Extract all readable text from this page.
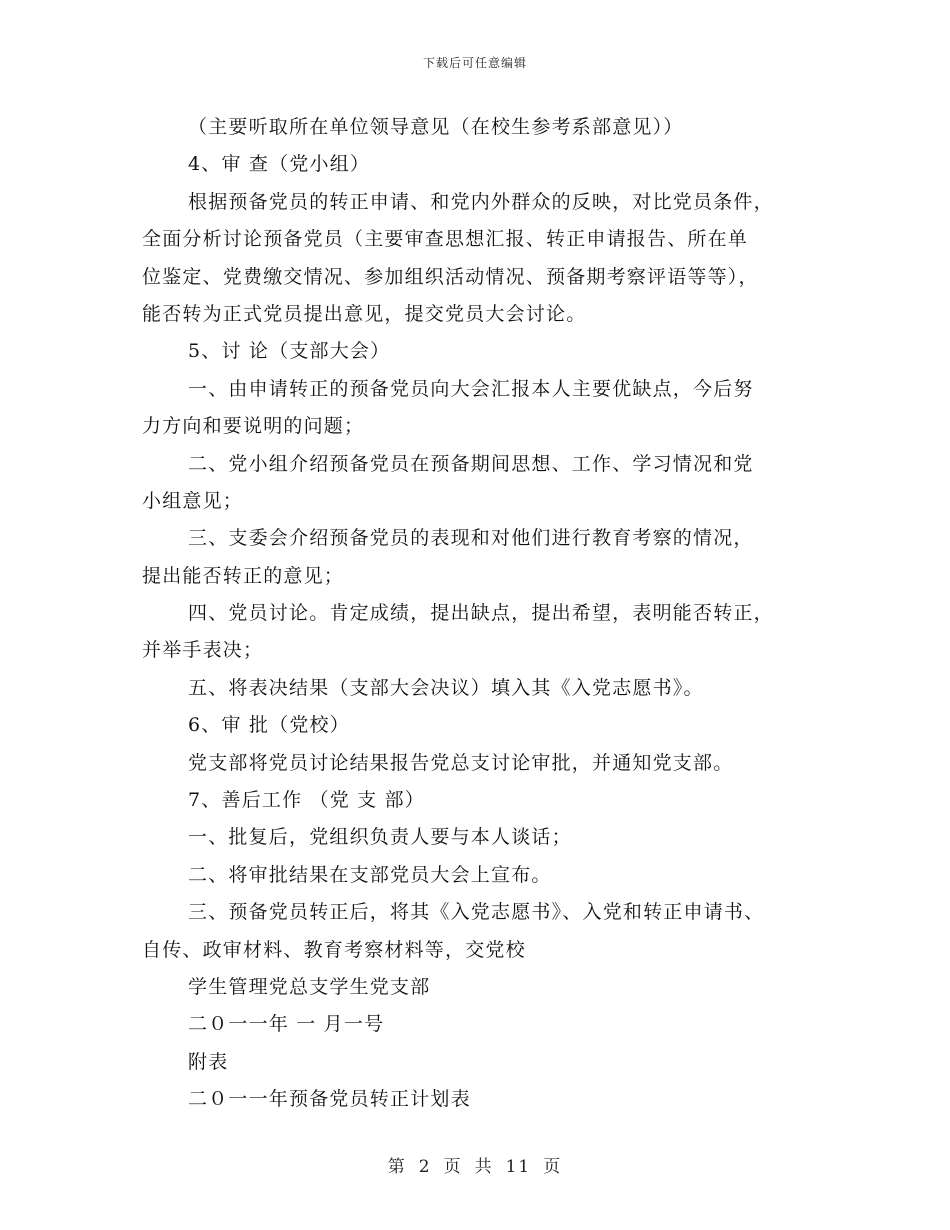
下载后可任意编辑
（主要听取所在单位领导意见（在校生参考系部意见））
4、审 查（党小组）
根据预备党员的转正申请、和党内外群众的反映，对比党员条件，
全面分析讨论预备党员（主要审查思想汇报、转正申请报告、所在单
位鉴定、党费缴交情况、参加组织活动情况、预备期考察评语等等），
能否转为正式党员提出意见，提交党员大会讨论。
5、讨 论（支部大会）
一、由申请转正的预备党员向大会汇报本人主要优缺点，今后努
力方向和要说明的问题；
二、党小组介绍预备党员在预备期间思想、工作、学习情况和党
小组意见；
三、支委会介绍预备党员的表现和对他们进行教育考察的情况，
提出能否转正的意见；
四、党员讨论。肯定成绩，提出缺点，提出希望，表明能否转正，
并举手表决；
五、将表决结果（支部大会决议）填入其《入党志愿书》。
6、审 批（党校）
党支部将党员讨论结果报告党总支讨论审批，并通知党支部。
7、善后工作 （党 支 部）
一、批复后，党组织负责人要与本人谈话；
二、将审批结果在支部党员大会上宣布。
三、预备党员转正后，将其《入党志愿书》、入党和转正申请书、
自传、政审材料、教育考察材料等，交党校
学生管理党总支学生党支部
二０一一年 一 月一号
附表
二０一一年预备党员转正计划表
第 2 页 共 11 页
